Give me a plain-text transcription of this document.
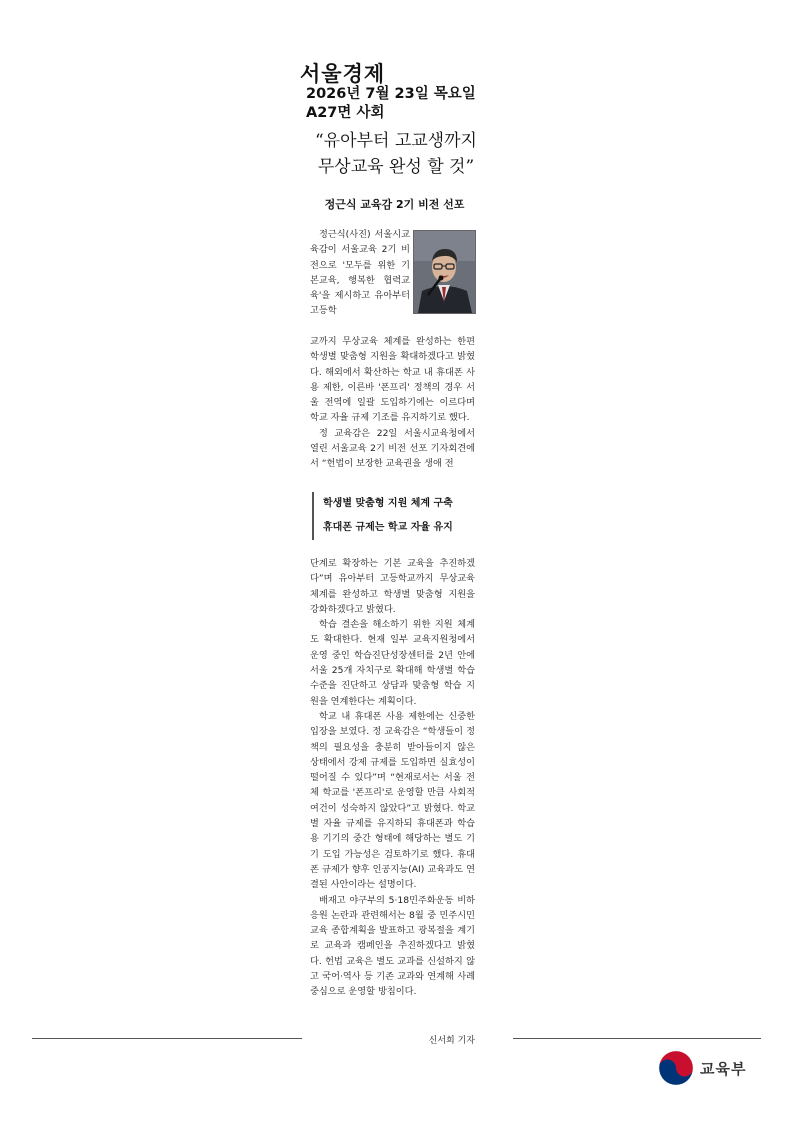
서울경제
2026년 7월 23일 목요일
A27면 사회
“유아부터 고교생까지
무상교육 완성 할 것”
정근식 교육감 2기 비전 선포

정근식(사진) 서울시교육감이 서울교육 2기 비전으로 '모두를 위한 기본교육, 행복한 협력교육'을 제시하고 유아부터 고등학

교까지 무상교육 체계를 완성하는 한편 학생별 맞춤형 지원을 확대하겠다고 밝혔다. 해외에서 확산하는 학교 내 휴대폰 사용 제한, 이른바 '폰프리' 정책의 경우 서울 전역에 일괄 도입하기에는 이르다며 학교 자율 규제 기조를 유지하기로 했다.

정 교육감은 22일 서울시교육청에서 열린 서울교육 2기 비전 선포 기자회견에서 “헌법이 보장한 교육권을 생애 전

학생별 맞춤형 지원 체계 구축
휴대폰 규제는 학교 자율 유지

단계로 확장하는 기본 교육을 추진하겠다”며 유아부터 고등학교까지 무상교육 체계를 완성하고 학생별 맞춤형 지원을 강화하겠다고 밝혔다.

학습 결손을 해소하기 위한 지원 체계도 확대한다. 현재 일부 교육지원청에서 운영 중인 학습진단성장센터를 2년 안에 서울 25개 자치구로 확대해 학생별 학습 수준을 진단하고 상담과 맞춤형 학습 지원을 연계한다는 계획이다.

학교 내 휴대폰 사용 제한에는 신중한 입장을 보였다. 정 교육감은 “학생들이 정책의 필요성을 충분히 받아들이지 않은 상태에서 강제 규제를 도입하면 실효성이 떨어질 수 있다”며 “현재로서는 서울 전체 학교를 '폰프리'로 운영할 만큼 사회적 여건이 성숙하지 않았다”고 밝혔다. 학교별 자율 규제를 유지하되 휴대폰과 학습용 기기의 중간 형태에 해당하는 별도 기기 도입 가능성은 검토하기로 했다. 휴대폰 규제가 향후 인공지능(AI) 교육과도 연결된 사안이라는 설명이다.

배재고 야구부의 5·18민주화운동 비하 응원 논란과 관련해서는 8월 중 민주시민교육 종합계획을 발표하고 광복절을 계기로 교육과 캠페인을 추진하겠다고 밝혔다. 헌법 교육은 별도 교과를 신설하지 않고 국어·역사 등 기존 교과와 연계해 사례 중심으로 운영할 방침이다.

신서희 기자
교육부
